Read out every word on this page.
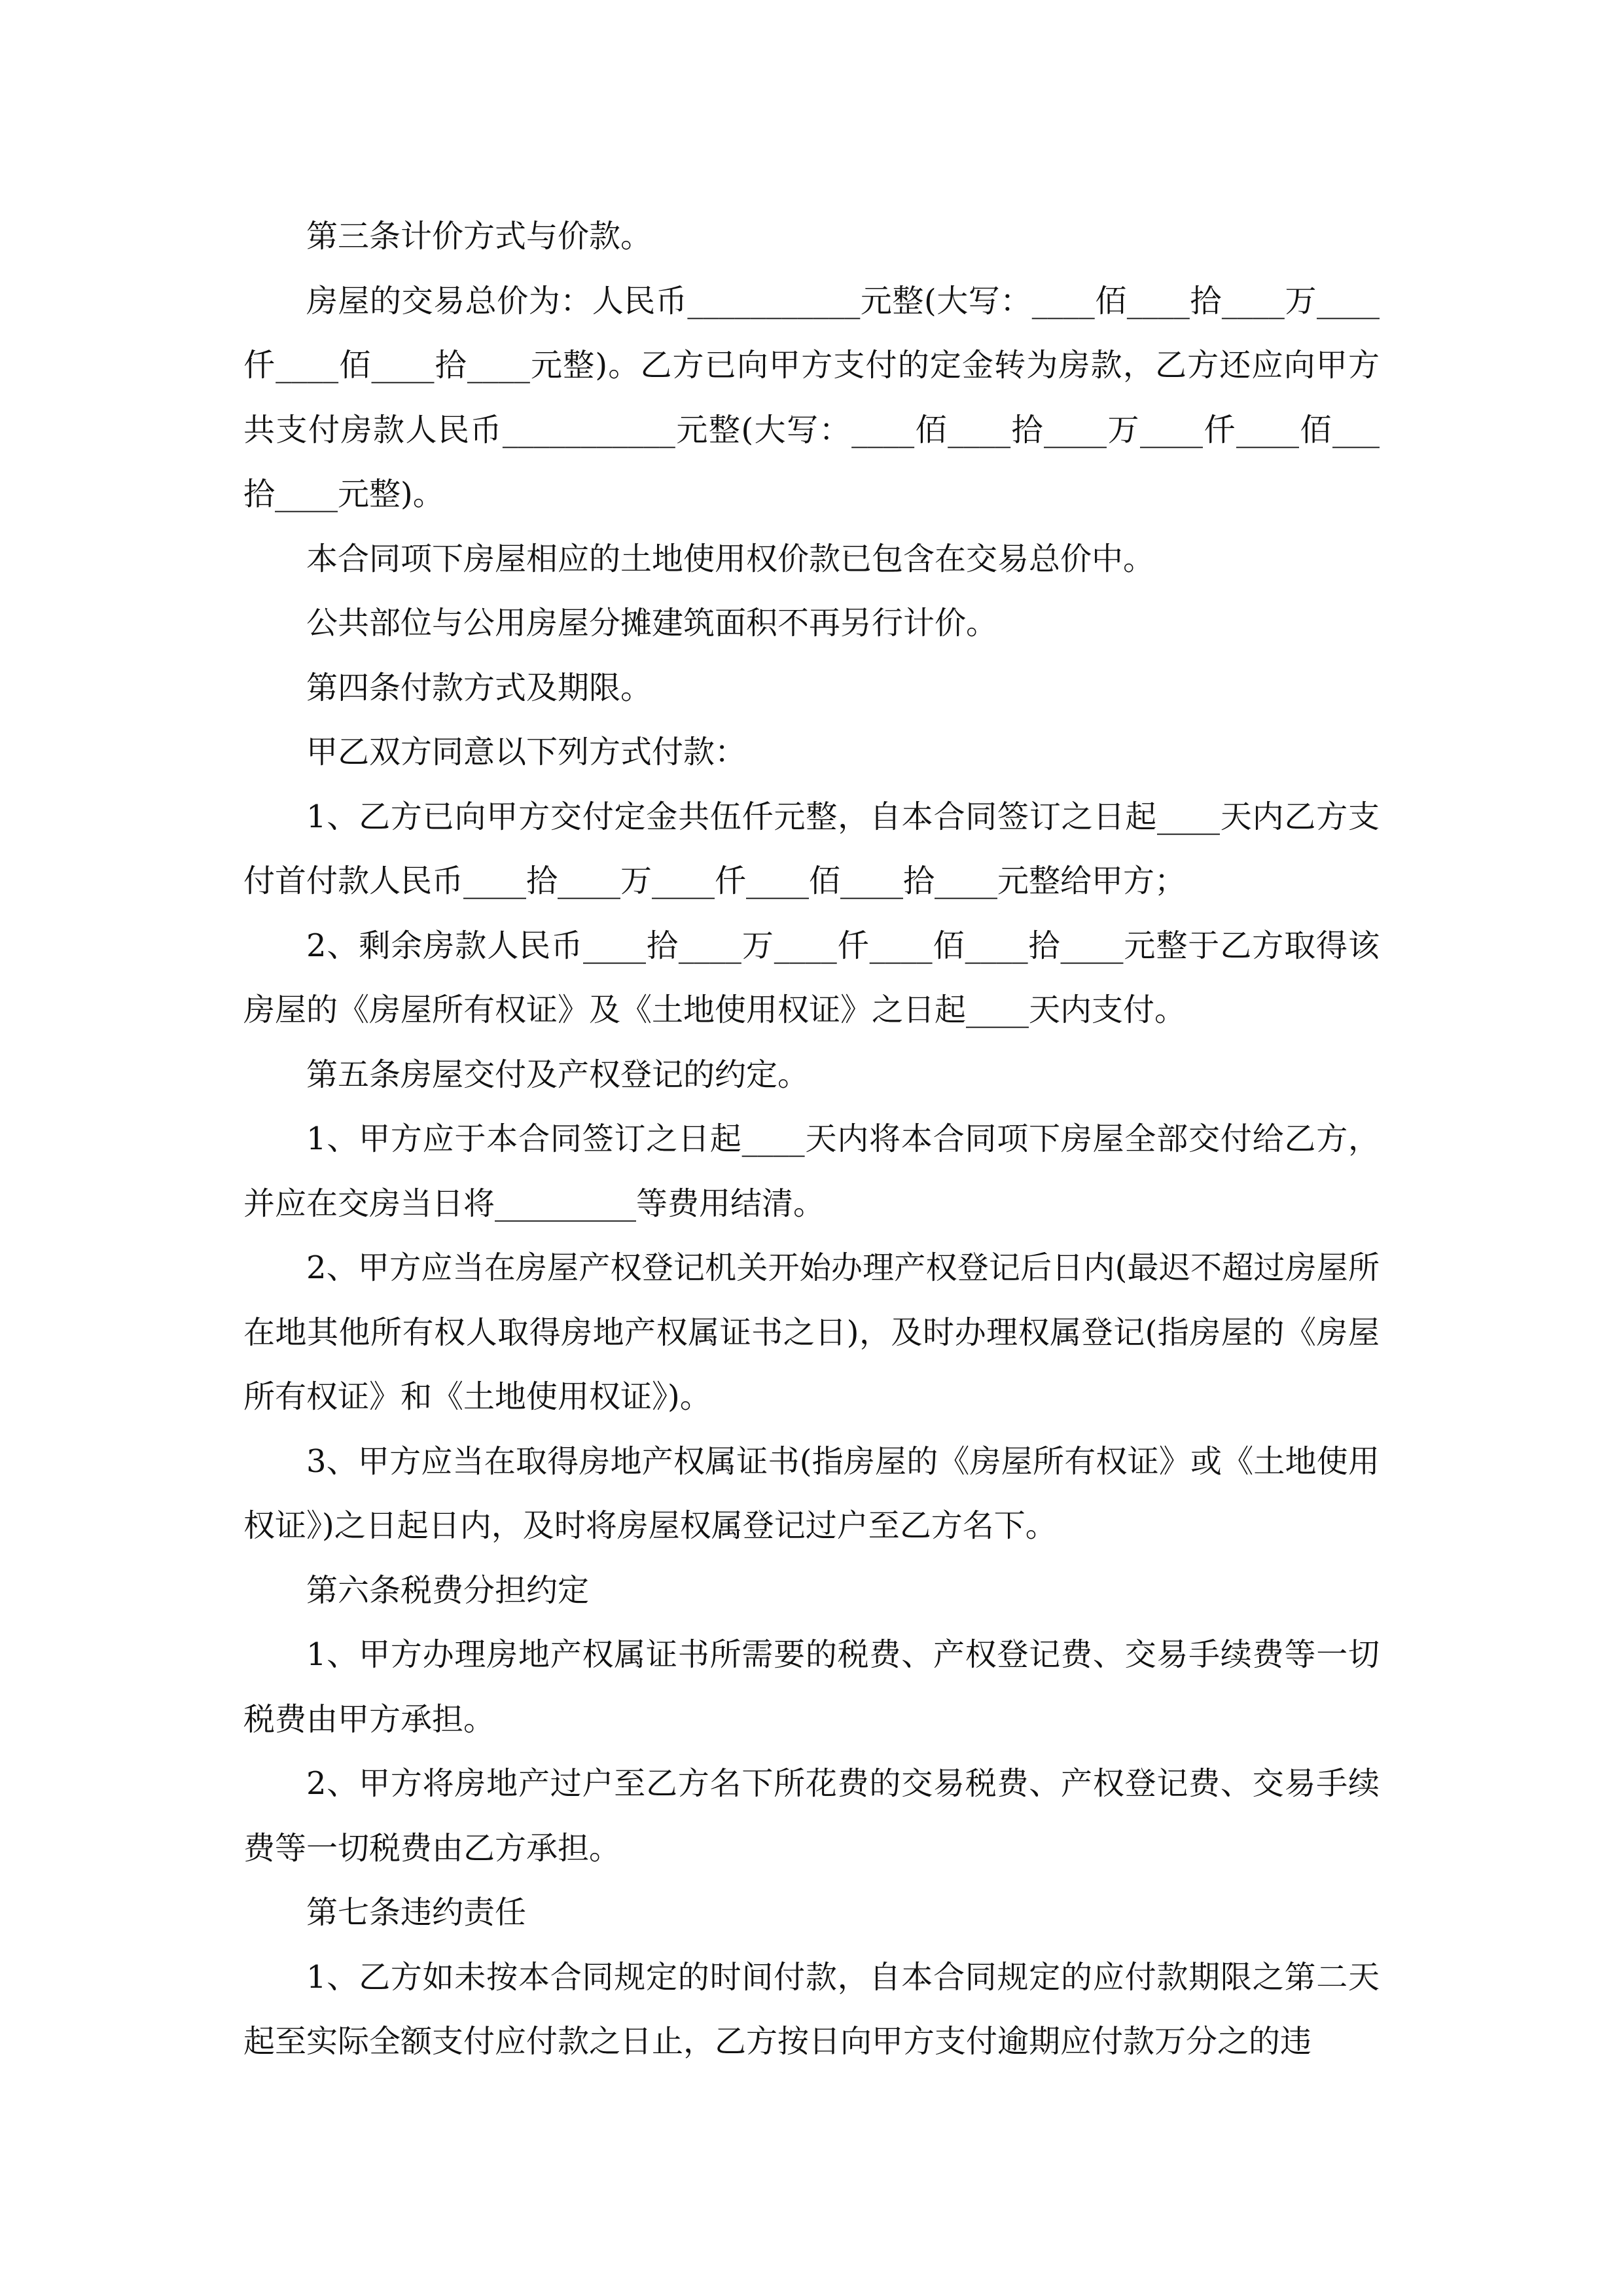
第三条计价方式与价款。

房屋的交易总价为：人民币___________元整(大写：____佰____拾____万____仟____佰____拾____元整)。乙方已向甲方支付的定金转为房款，乙方还应向甲方共支付房款人民币___________元整(大写：____佰____拾____万____仟____佰___拾____元整)。

本合同项下房屋相应的土地使用权价款已包含在交易总价中。

公共部位与公用房屋分摊建筑面积不再另行计价。

第四条付款方式及期限。

甲乙双方同意以下列方式付款：

1、乙方已向甲方交付定金共伍仟元整，自本合同签订之日起____天内乙方支付首付款人民币____拾____万____仟____佰____拾____元整给甲方；

2、剩余房款人民币____拾____万____仟____佰____拾____元整于乙方取得该房屋的《房屋所有权证》及《土地使用权证》之日起____天内支付。

第五条房屋交付及产权登记的约定。

1、甲方应于本合同签订之日起____天内将本合同项下房屋全部交付给乙方，并应在交房当日将_________等费用结清。

2、甲方应当在房屋产权登记机关开始办理产权登记后日内(最迟不超过房屋所在地其他所有权人取得房地产权属证书之日)，及时办理权属登记(指房屋的《房屋所有权证》和《土地使用权证》)。

3、甲方应当在取得房地产权属证书(指房屋的《房屋所有权证》或《土地使用权证》)之日起日内，及时将房屋权属登记过户至乙方名下。

第六条税费分担约定

1、甲方办理房地产权属证书所需要的税费、产权登记费、交易手续费等一切税费由甲方承担。

2、甲方将房地产过户至乙方名下所花费的交易税费、产权登记费、交易手续费等一切税费由乙方承担。

第七条违约责任

1、乙方如未按本合同规定的时间付款，自本合同规定的应付款期限之第二天起至实际全额支付应付款之日止，乙方按日向甲方支付逾期应付款万分之的违
